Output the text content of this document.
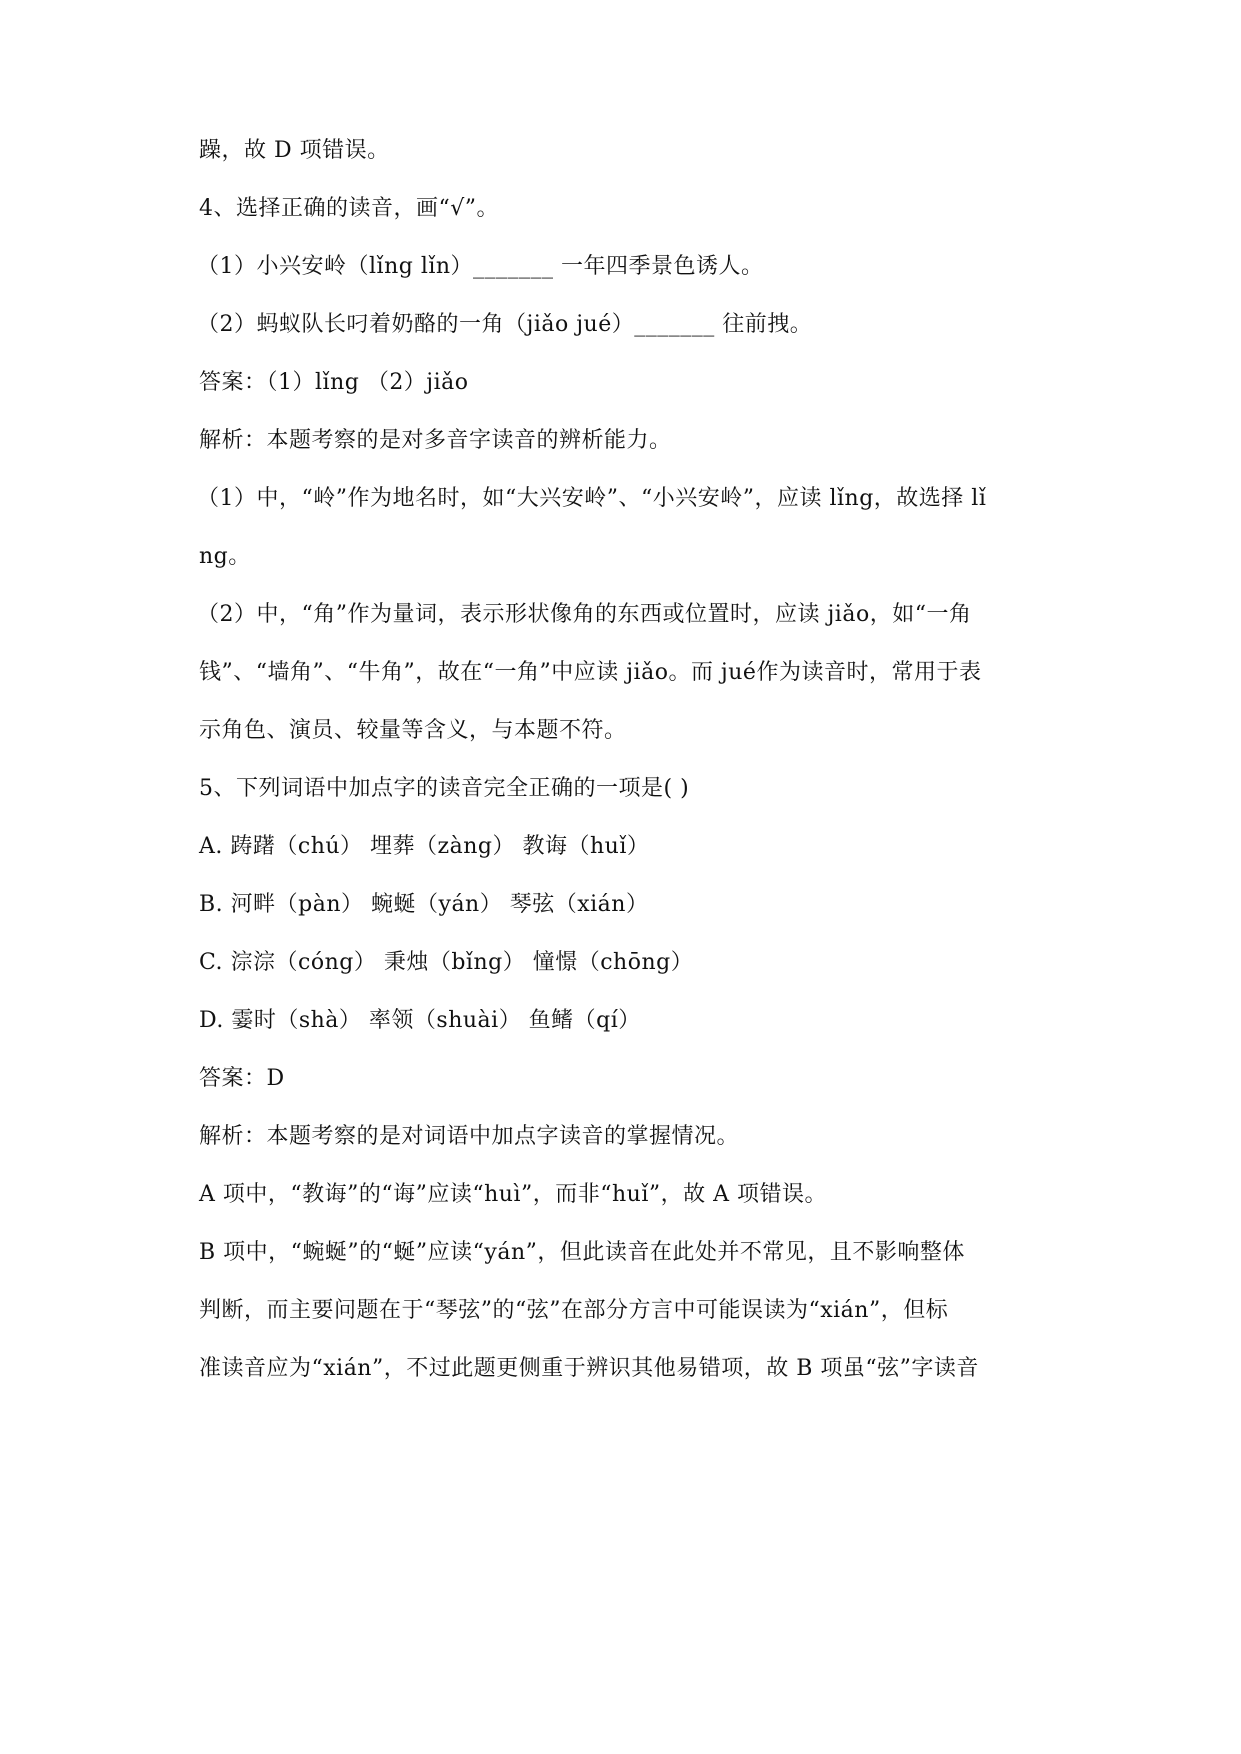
躁，故 D 项错误。
4、选择正确的读音，画“√”。
（1）小兴安岭（lǐng lǐn）_______ 一年四季景色诱人。
（2）蚂蚁队长叼着奶酪的一角（jiǎo jué）_______ 往前拽。
答案：（1）lǐng （2）jiǎo
解析：本题考察的是对多音字读音的辨析能力。
（1）中，“岭”作为地名时，如“大兴安岭”、“小兴安岭”，应读 lǐng，故选择 lǐ
ng。
（2）中，“角”作为量词，表示形状像角的东西或位置时，应读 jiǎo，如“一角
钱”、“墙角”、“牛角”，故在“一角”中应读 jiǎo。而 jué作为读音时，常用于表
示角色、演员、较量等含义，与本题不符。
5、下列词语中加点字的读音完全正确的一项是( )
A. 踌躇（chú） 埋葬（zàng） 教诲（huǐ）
B. 河畔（pàn） 蜿蜒（yán） 琴弦（xián）
C. 淙淙（cóng） 秉烛（bǐng） 憧憬（chōng）
D. 霎时（shà） 率领（shuài） 鱼鳍（qí）
答案：D
解析：本题考察的是对词语中加点字读音的掌握情况。
A 项中，“教诲”的“诲”应读“huì”，而非“huǐ”，故 A 项错误。
B 项中，“蜿蜒”的“蜒”应读“yán”，但此读音在此处并不常见，且不影响整体
判断，而主要问题在于“琴弦”的“弦”在部分方言中可能误读为“xián”，但标
准读音应为“xián”，不过此题更侧重于辨识其他易错项，故 B 项虽“弦”字读音
